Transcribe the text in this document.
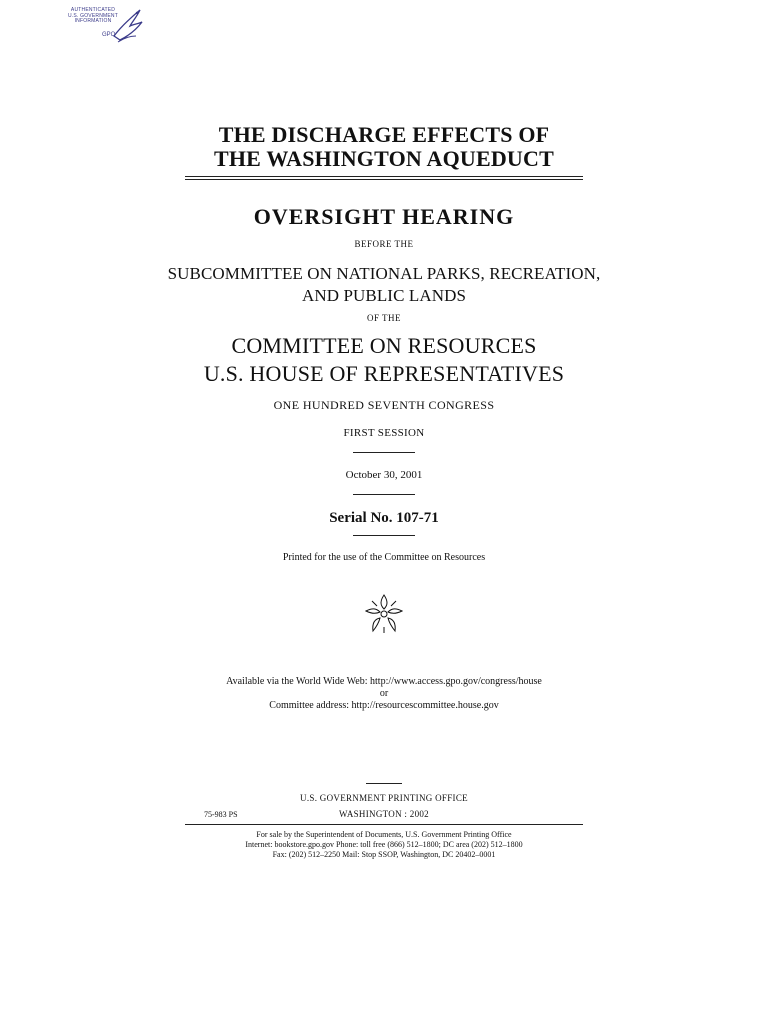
AUTHENTICATED
U.S. GOVERNMENT
INFORMATION
GPO
THE DISCHARGE EFFECTS OF
THE WASHINGTON AQUEDUCT
OVERSIGHT HEARING
BEFORE THE
SUBCOMMITTEE ON NATIONAL PARKS, RECREATION,
AND PUBLIC LANDS
OF THE
COMMITTEE ON RESOURCES
U.S. HOUSE OF REPRESENTATIVES
ONE HUNDRED SEVENTH CONGRESS
FIRST SESSION
October 30, 2001
Serial No. 107-71
Printed for the use of the Committee on Resources
Available via the World Wide Web: http://www.access.gpo.gov/congress/house
or
Committee address: http://resourcescommittee.house.gov
U.S. GOVERNMENT PRINTING OFFICE
75-983 PS	WASHINGTON : 2002
For sale by the Superintendent of Documents, U.S. Government Printing Office
Internet: bookstore.gpo.gov Phone: toll free (866) 512–1800; DC area (202) 512–1800
Fax: (202) 512–2250 Mail: Stop SSOP, Washington, DC 20402–0001
